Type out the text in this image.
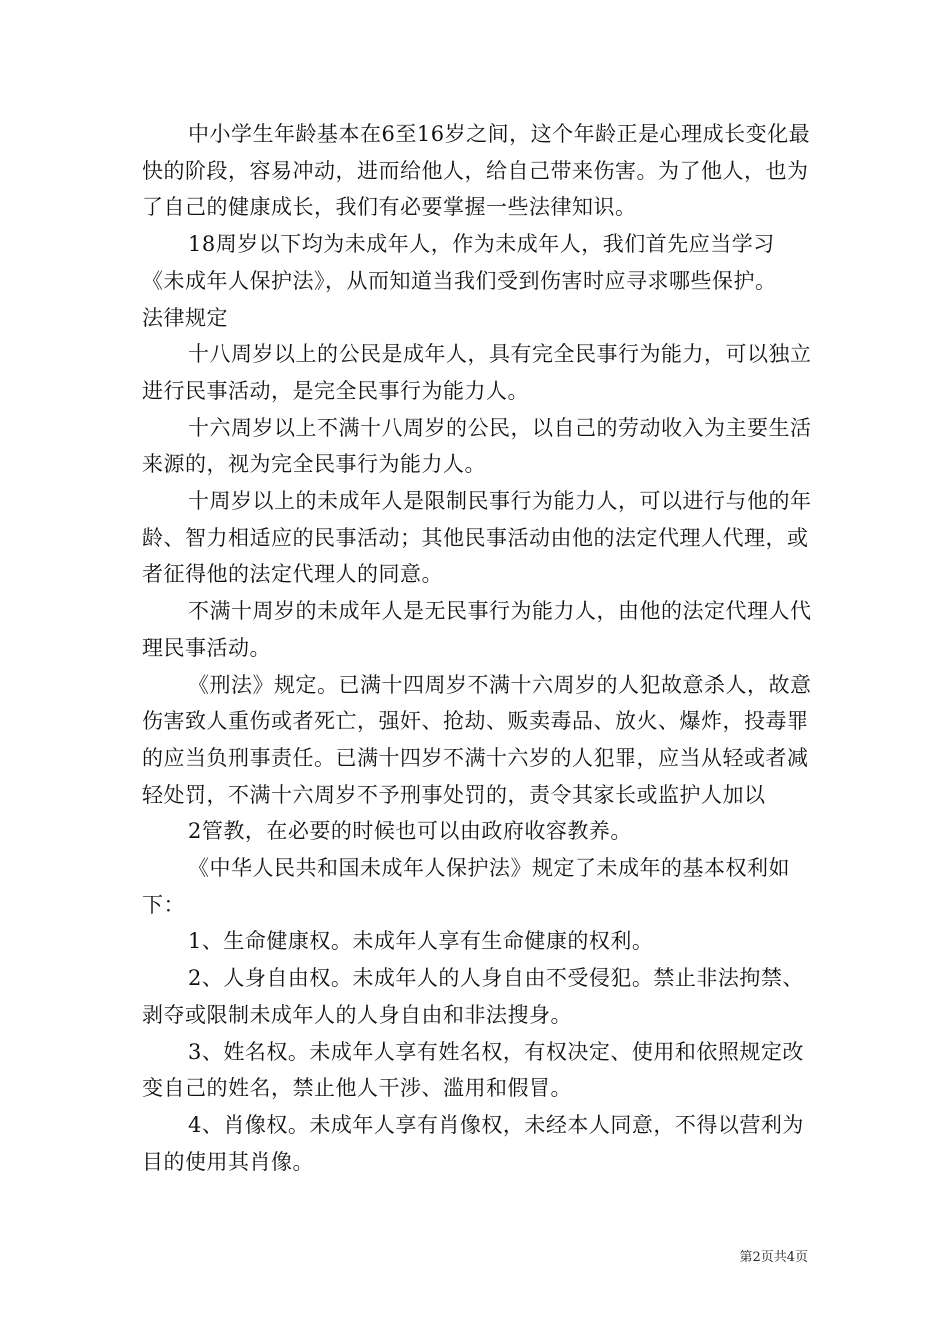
中小学生年龄基本在6至16岁之间，这个年龄正是心理成长变化最快的阶段，容易冲动，进而给他人，给自己带来伤害。为了他人，也为了自己的健康成长，我们有必要掌握一些法律知识。

18周岁以下均为未成年人，作为未成年人，我们首先应当学习《未成年人保护法》，从而知道当我们受到伤害时应寻求哪些保护。

法律规定

十八周岁以上的公民是成年人，具有完全民事行为能力，可以独立进行民事活动，是完全民事行为能力人。

十六周岁以上不满十八周岁的公民，以自己的劳动收入为主要生活来源的，视为完全民事行为能力人。

十周岁以上的未成年人是限制民事行为能力人，可以进行与他的年龄、智力相适应的民事活动；其他民事活动由他的法定代理人代理，或者征得他的法定代理人的同意。

不满十周岁的未成年人是无民事行为能力人，由他的法定代理人代理民事活动。

《刑法》规定。已满十四周岁不满十六周岁的人犯故意杀人，故意伤害致人重伤或者死亡，强奸、抢劫、贩卖毒品、放火、爆炸，投毒罪的应当负刑事责任。已满十四岁不满十六岁的人犯罪，应当从轻或者减轻处罚，不满十六周岁不予刑事处罚的，责令其家长或监护人加以

2管教，在必要的时候也可以由政府收容教养。

《中华人民共和国未成年人保护法》规定了未成年的基本权利如下：

1、生命健康权。未成年人享有生命健康的权利。

2、人身自由权。未成年人的人身自由不受侵犯。禁止非法拘禁、剥夺或限制未成年人的人身自由和非法搜身。

3、姓名权。未成年人享有姓名权，有权决定、使用和依照规定改变自己的姓名，禁止他人干涉、滥用和假冒。

4、肖像权。未成年人享有肖像权，未经本人同意，不得以营利为目的使用其肖像。

第2页共4页
